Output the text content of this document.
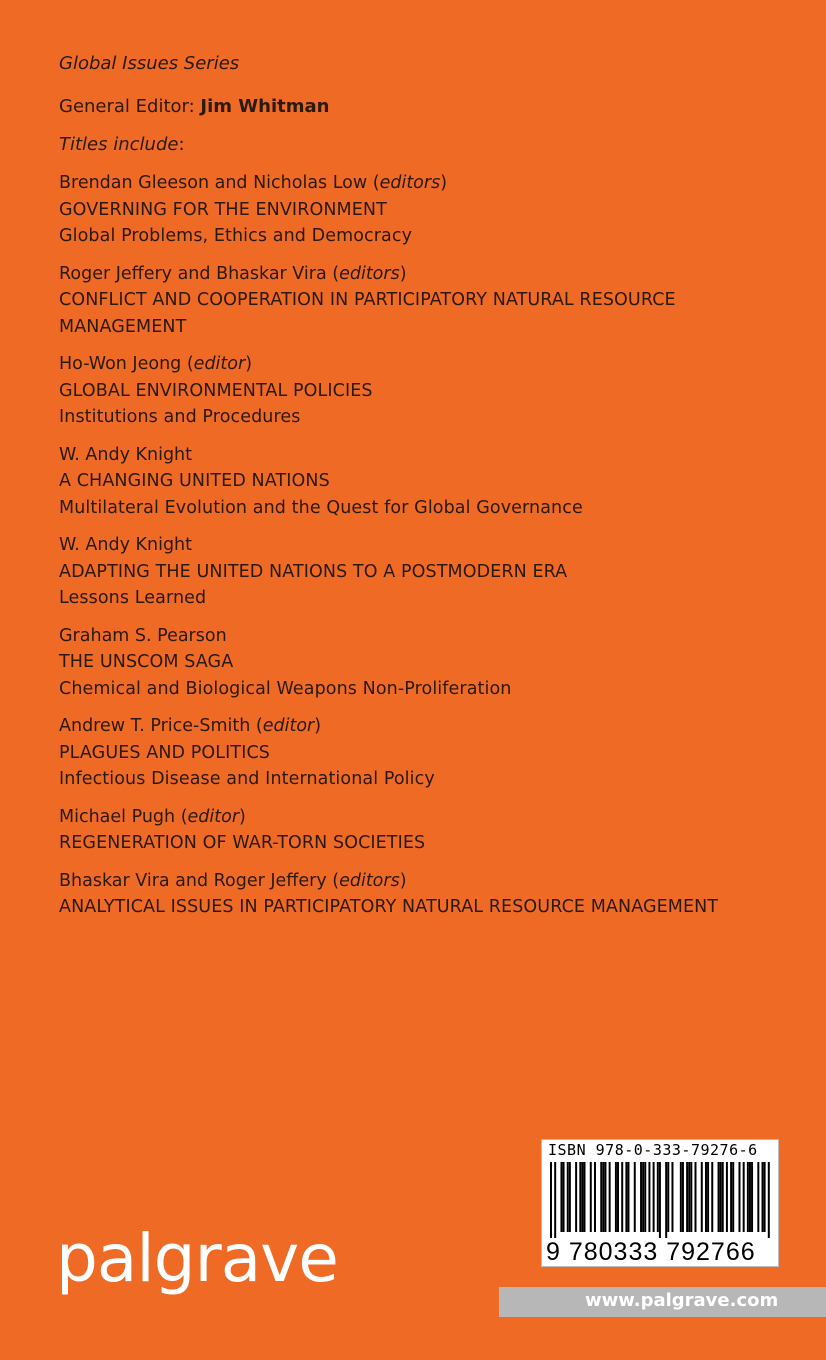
Global Issues Series
General Editor: Jim Whitman
Titles include:
Brendan Gleeson and Nicholas Low (editors)
GOVERNING FOR THE ENVIRONMENT
Global Problems, Ethics and Democracy
Roger Jeffery and Bhaskar Vira (editors)
CONFLICT AND COOPERATION IN PARTICIPATORY NATURAL RESOURCE
MANAGEMENT
Ho-Won Jeong (editor)
GLOBAL ENVIRONMENTAL POLICIES
Institutions and Procedures
W. Andy Knight
A CHANGING UNITED NATIONS
Multilateral Evolution and the Quest for Global Governance
W. Andy Knight
ADAPTING THE UNITED NATIONS TO A POSTMODERN ERA
Lessons Learned
Graham S. Pearson
THE UNSCOM SAGA
Chemical and Biological Weapons Non-Proliferation
Andrew T. Price-Smith (editor)
PLAGUES AND POLITICS
Infectious Disease and International Policy
Michael Pugh (editor)
REGENERATION OF WAR-TORN SOCIETIES
Bhaskar Vira and Roger Jeffery (editors)
ANALYTICAL ISSUES IN PARTICIPATORY NATURAL RESOURCE MANAGEMENT
palgrave
ISBN 978-0-333-79276-6
9 780333 792766
www.palgrave.com
